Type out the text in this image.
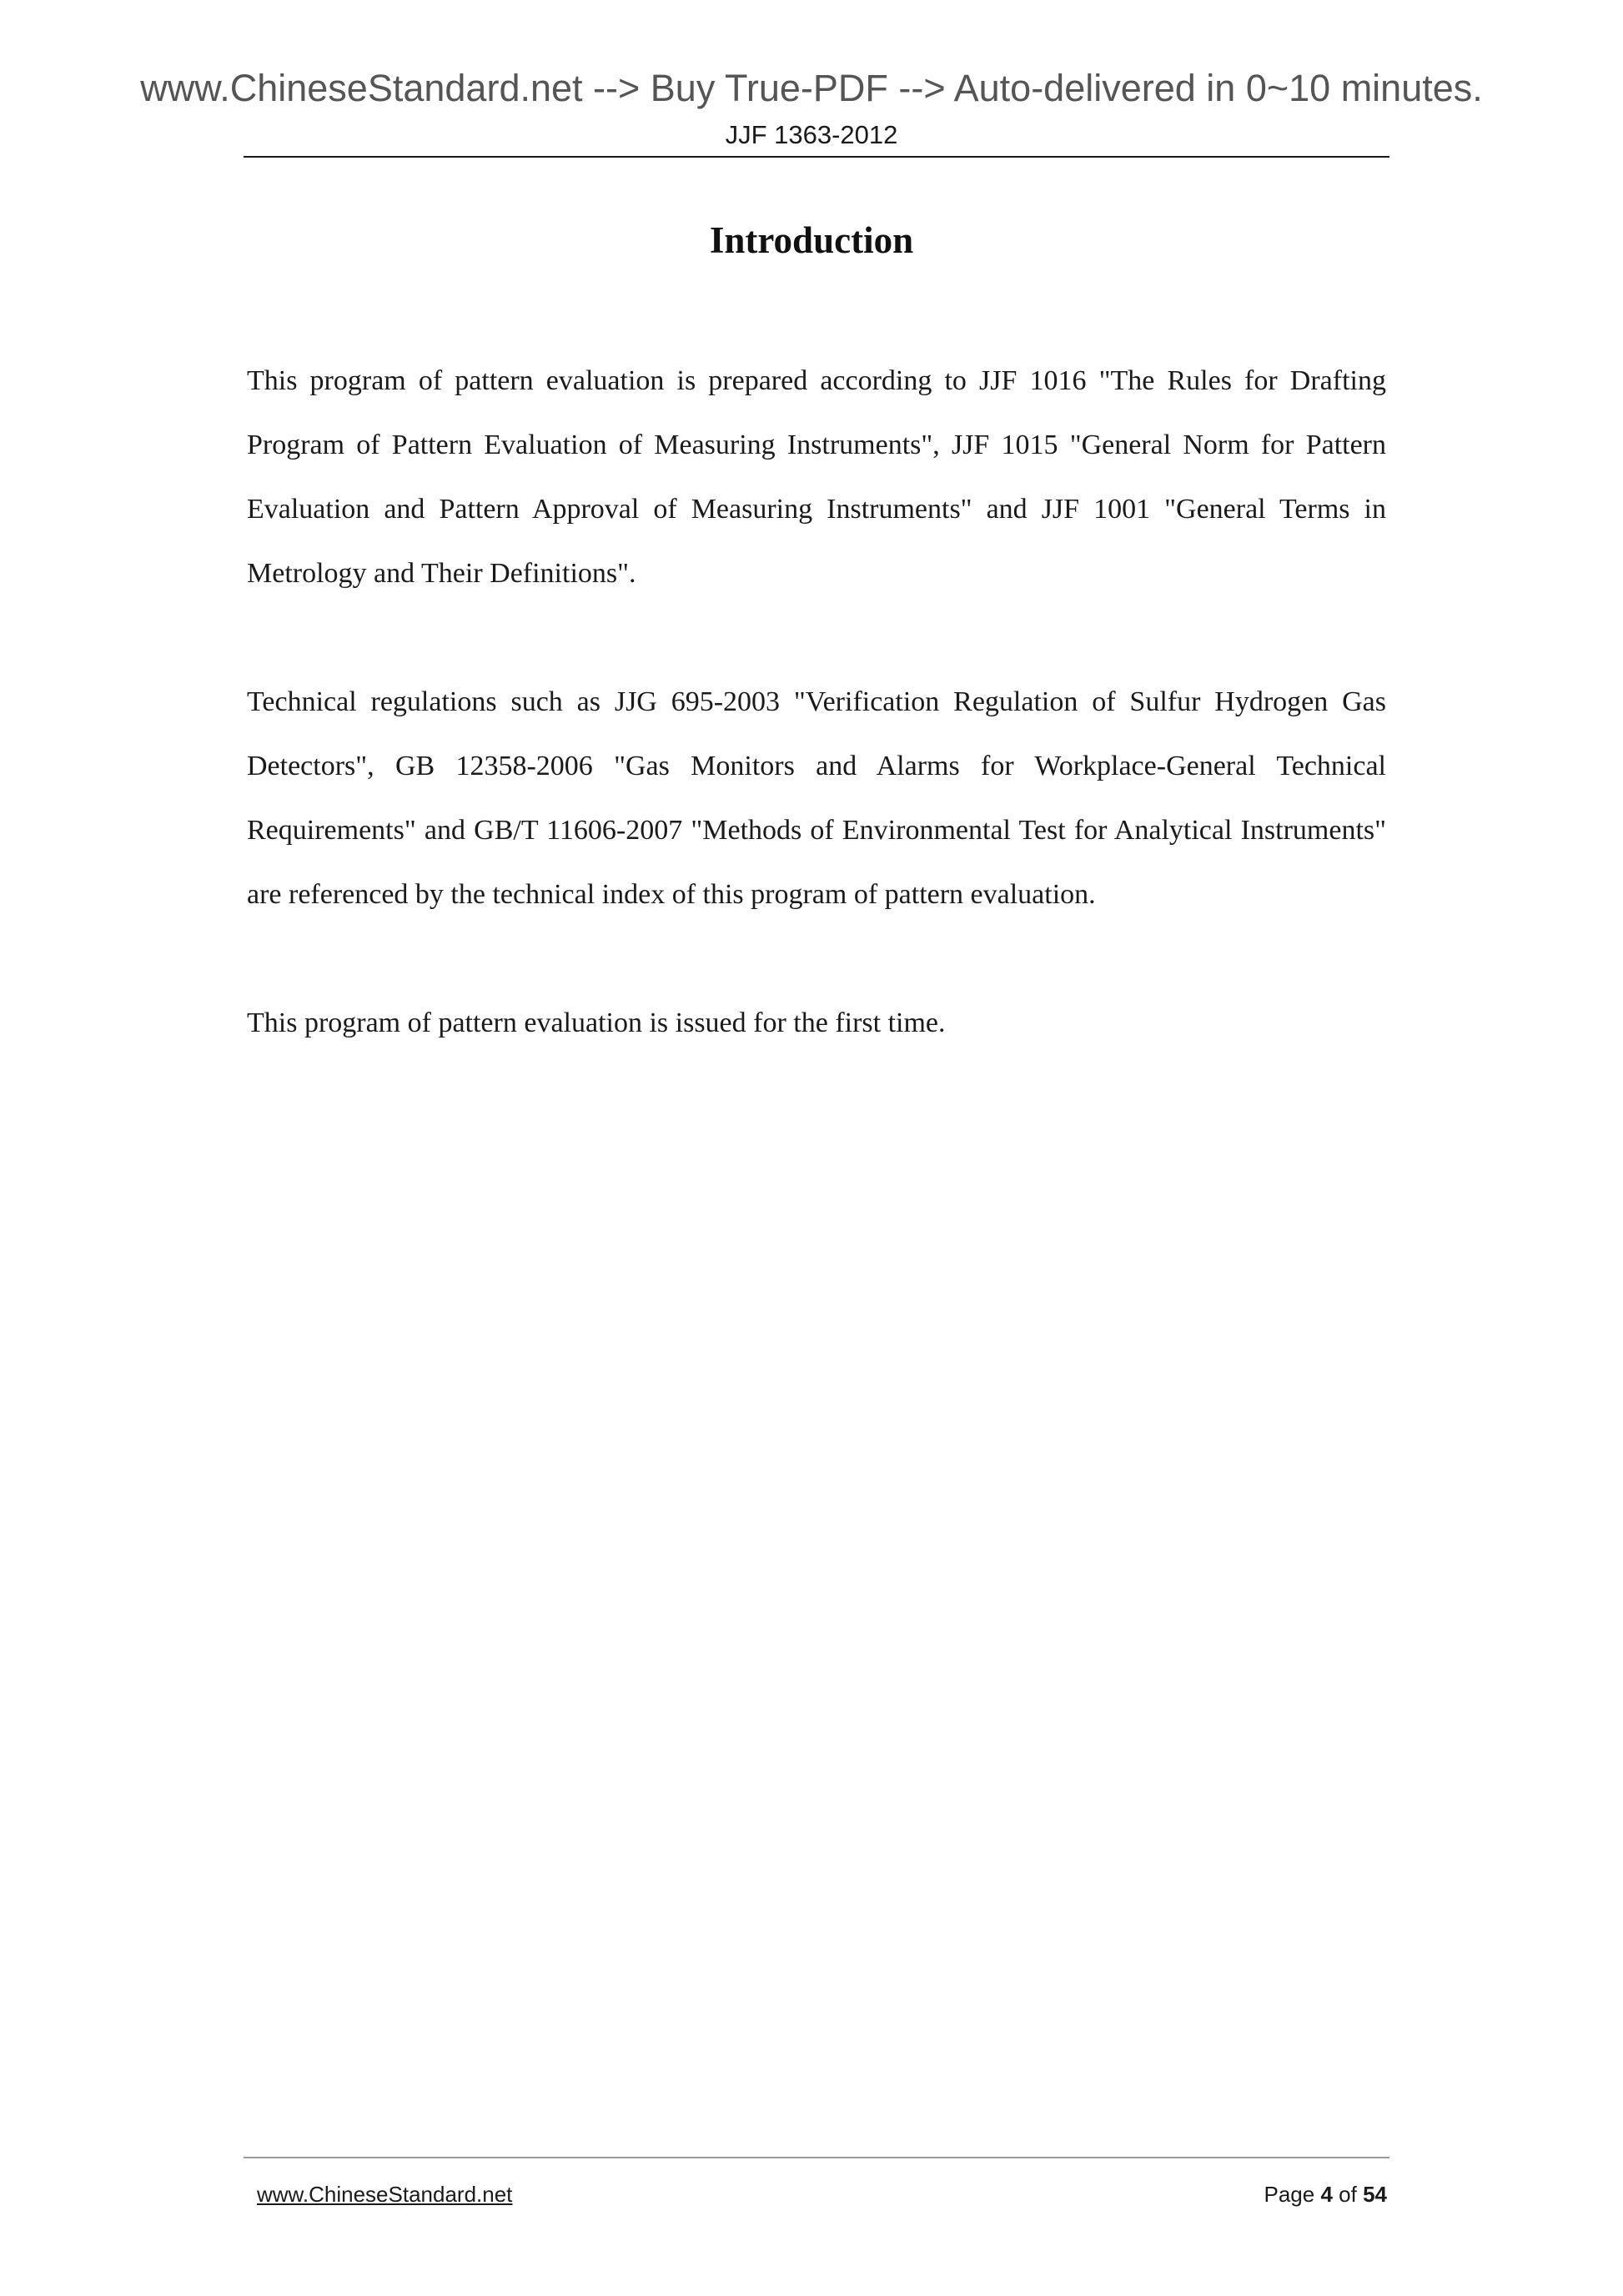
www.ChineseStandard.net --> Buy True-PDF --> Auto-delivered in 0~10 minutes.
JJF 1363-2012
Introduction

This program of pattern evaluation is prepared according to JJF 1016 "The Rules for Drafting Program of Pattern Evaluation of Measuring Instruments", JJF 1015 "General Norm for Pattern Evaluation and Pattern Approval of Measuring Instruments" and JJF 1001 "General Terms in Metrology and Their Definitions".

Technical regulations such as JJG 695-2003 "Verification Regulation of Sulfur Hydrogen Gas Detectors", GB 12358-2006 "Gas Monitors and Alarms for Workplace-General Technical Requirements" and GB/T 11606-2007 "Methods of Environmental Test for Analytical Instruments" are referenced by the technical index of this program of pattern evaluation.

This program of pattern evaluation is issued for the first time.

www.ChineseStandard.net	Page 4 of 54
